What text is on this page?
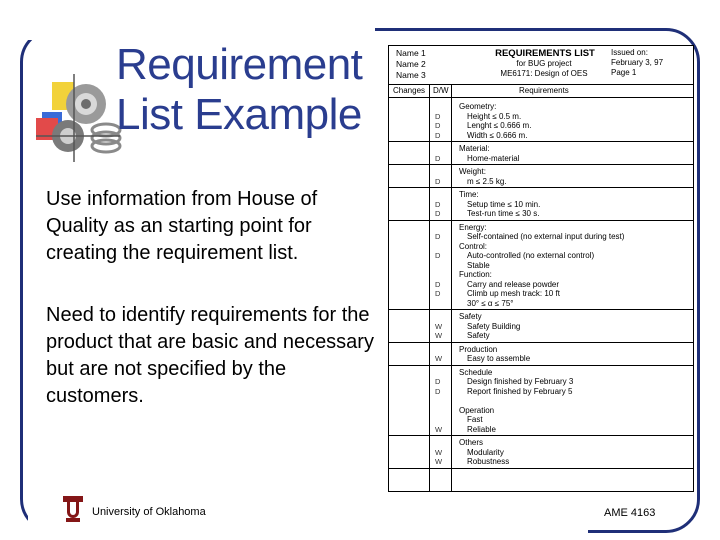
Requirement
List Example
Use information from House of Quality as an starting point for creating the requirement list.
Need to identify requirements for the product that are basic and necessary but are not specified by the customers.
Name 1
Name 2
Name 3
REQUIREMENTS LIST
for BUG project
ME6171: Design of OES
Issued on:
February 3, 97
Page 1
Changes D/W	Requirements
D
D
D
Geometry:
Height ≤ 0.5 m.
Lenght ≤ 0.666 m.
Width ≤ 0.666 m.
D
Material:
Home-material
D
Weight:
m ≤ 2.5 kg.
D
D
Time:
Setup time ≤ 10 min.
Test-run time ≤ 30 s.
D
D
D
D
Energy:
Self-contained (no external input during test)
Control:
Auto-controlled (no external control)
Stable
Function:
Carry and release powder
Climb up mesh track: 10 ft
30° ≤ α ≤ 75°
W
W
Safety
Safety Building
Safety
W
Production
Easy to assemble
D
D
W
Schedule
Design finished by February 3
Report finished by February 5
Operation
Fast
Reliable
W
W
Others
Modularity
Robustness
University of Oklahoma	AME 4163
